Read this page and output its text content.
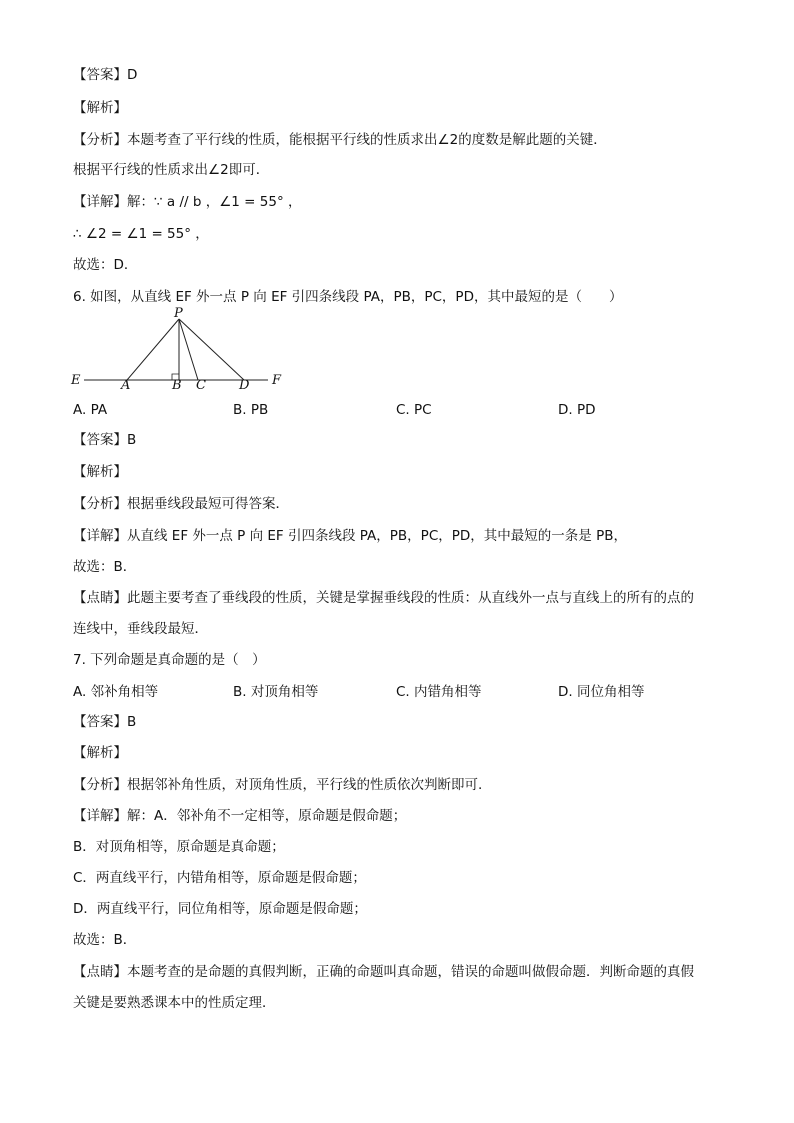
【答案】D
【解析】
【分析】本题考查了平行线的性质，能根据平行线的性质求出∠2的度数是解此题的关键．
根据平行线的性质求出∠2即可．
【详解】解：∵ a // b ，∠1 = 55° ，
∴ ∠2 = ∠1 = 55° ，
故选：D．
6. 如图，从直线 EF 外一点 P 向 EF 引四条线段 PA，PB，PC，PD，其中最短的是（　　）
P
E	A	B C	D F
A. PA	B. PB	C. PC	D. PD
【答案】B
【解析】
【分析】根据垂线段最短可得答案．
【详解】从直线 EF 外一点 P 向 EF 引四条线段 PA，PB，PC，PD，其中最短的一条是 PB，
故选：B．
【点睛】此题主要考查了垂线段的性质，关键是掌握垂线段的性质：从直线外一点与直线上的所有的点的
连线中，垂线段最短．
7. 下列命题是真命题的是（　）
A. 邻补角相等	B. 对顶角相等	C. 内错角相等	D. 同位角相等
【答案】B
【解析】
【分析】根据邻补角性质，对顶角性质，平行线的性质依次判断即可.
【详解】解：A．邻补角不一定相等，原命题是假命题；
B．对顶角相等，原命题是真命题；
C．两直线平行，内错角相等，原命题是假命题；
D．两直线平行，同位角相等，原命题是假命题；
故选：B．
【点睛】本题考查的是命题的真假判断，正确的命题叫真命题，错误的命题叫做假命题．判断命题的真假
关键是要熟悉课本中的性质定理．
